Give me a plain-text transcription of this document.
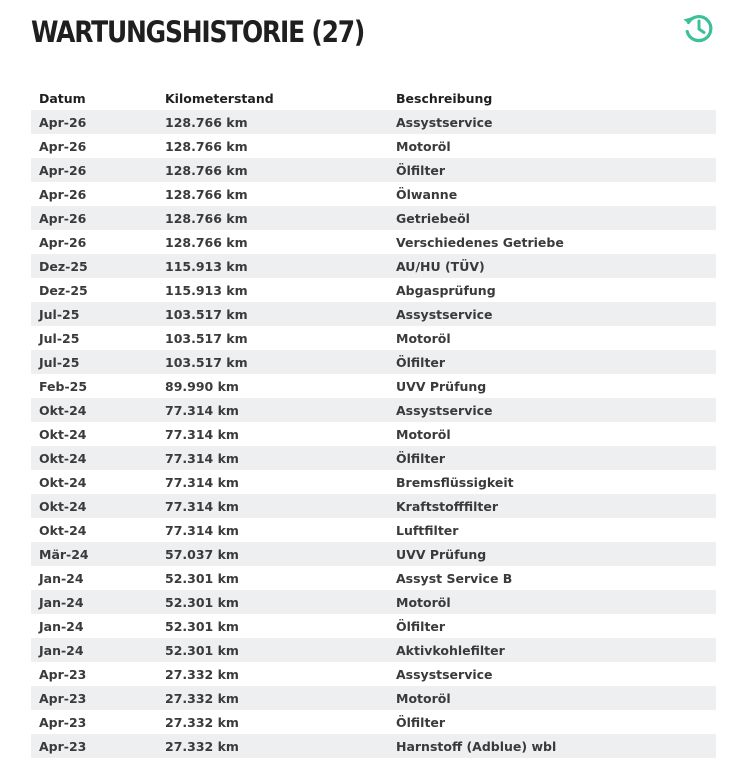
WARTUNGSHISTORIE (27)
Datum	Kilometerstand	Beschreibung
Apr-26	128.766 km	Assystservice
Apr-26	128.766 km	Motoröl
Apr-26	128.766 km	Ölfilter
Apr-26	128.766 km	Ölwanne
Apr-26	128.766 km	Getriebeöl
Apr-26	128.766 km	Verschiedenes Getriebe
Dez-25	115.913 km	AU/HU (TÜV)
Dez-25	115.913 km	Abgasprüfung
Jul-25	103.517 km	Assystservice
Jul-25	103.517 km	Motoröl
Jul-25	103.517 km	Ölfilter
Feb-25	89.990 km	UVV Prüfung
Okt-24	77.314 km	Assystservice
Okt-24	77.314 km	Motoröl
Okt-24	77.314 km	Ölfilter
Okt-24	77.314 km	Bremsflüssigkeit
Okt-24	77.314 km	Kraftstofffilter
Okt-24	77.314 km	Luftfilter
Mär-24	57.037 km	UVV Prüfung
Jan-24	52.301 km	Assyst Service B
Jan-24	52.301 km	Motoröl
Jan-24	52.301 km	Ölfilter
Jan-24	52.301 km	Aktivkohlefilter
Apr-23	27.332 km	Assystservice
Apr-23	27.332 km	Motoröl
Apr-23	27.332 km	Ölfilter
Apr-23	27.332 km	Harnstoff (Adblue) wbl
